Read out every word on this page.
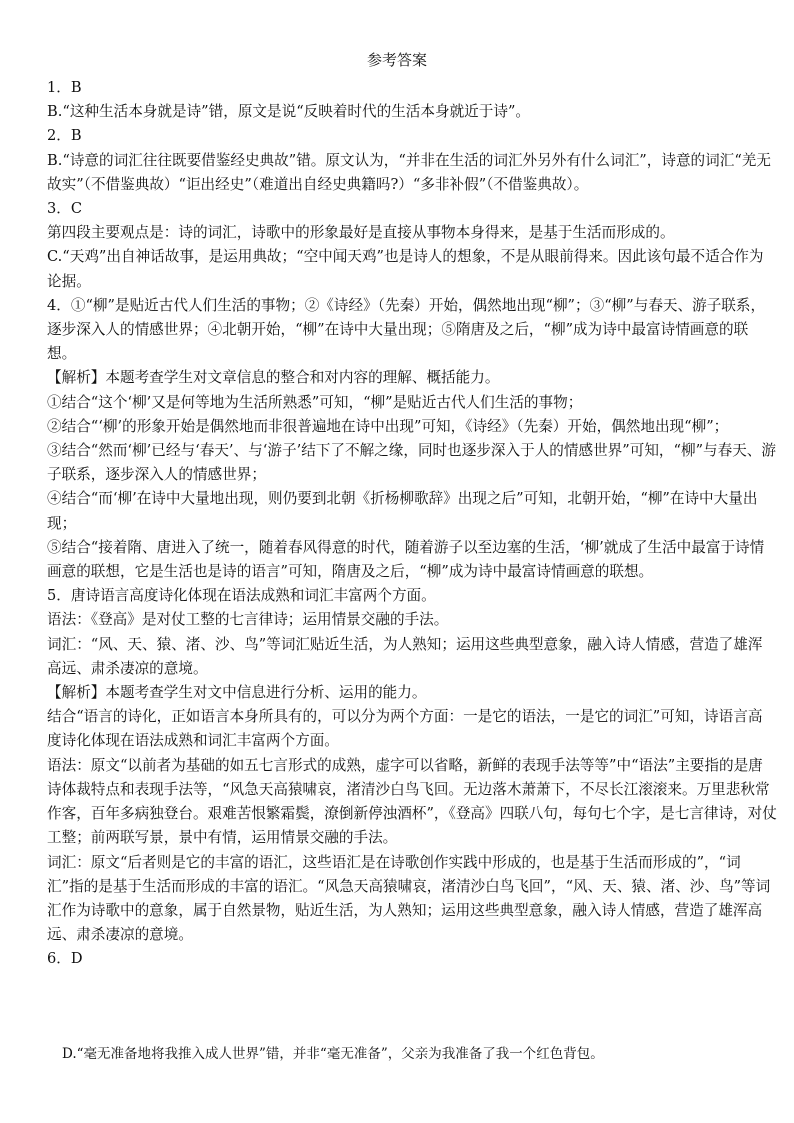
参考答案

1．B

B.“这种生活本身就是诗”错，原文是说“反映着时代的生活本身就近于诗”。

2．B

B.“诗意的词汇往往既要借鉴经史典故”错。原文认为，“并非在生活的词汇外另外有什么词汇”，诗意的词汇“羌无故实”（不借鉴典故）“讵出经史”（难道出自经史典籍吗?）“多非补假”（不借鉴典故）。

3．C

第四段主要观点是：诗的词汇，诗歌中的形象最好是直接从事物本身得来，是基于生活而形成的。

C.“天鸡”出自神话故事，是运用典故；“空中闻天鸡”也是诗人的想象，不是从眼前得来。因此该句最不适合作为论据。

4．①“柳”是贴近古代人们生活的事物；②《诗经》（先秦）开始，偶然地出现“柳”；③“柳”与春天、游子联系，逐步深入人的情感世界；④北朝开始，“柳”在诗中大量出现；⑤隋唐及之后，“柳”成为诗中最富诗情画意的联想。

【解析】本题考查学生对文章信息的整合和对内容的理解、概括能力。

①结合“这个‘柳’又是何等地为生活所熟悉”可知，“柳”是贴近古代人们生活的事物；

②结合“‘柳’的形象开始是偶然地而非很普遍地在诗中出现”可知，《诗经》（先秦）开始，偶然地出现“柳”；

③结合“然而‘柳’已经与‘春天’、与‘游子’结下了不解之缘，同时也逐步深入于人的情感世界”可知，“柳”与春天、游子联系，逐步深入人的情感世界；

④结合“而‘柳’在诗中大量地出现，则仍要到北朝《折杨柳歌辞》出现之后”可知，北朝开始，“柳”在诗中大量出现；

⑤结合“接着隋、唐进入了统一，随着春风得意的时代，随着游子以至边塞的生活，‘柳’就成了生活中最富于诗情画意的联想，它是生活也是诗的语言”可知，隋唐及之后，“柳”成为诗中最富诗情画意的联想。

5．唐诗语言高度诗化体现在语法成熟和词汇丰富两个方面。

语法：《登高》是对仗工整的七言律诗；运用情景交融的手法。

词汇：“风、天、猿、渚、沙、鸟”等词汇贴近生活，为人熟知；运用这些典型意象，融入诗人情感，营造了雄浑高远、肃杀凄凉的意境。

【解析】本题考查学生对文中信息进行分析、运用的能力。

结合“语言的诗化，正如语言本身所具有的，可以分为两个方面：一是它的语法，一是它的词汇”可知，诗语言高度诗化体现在语法成熟和词汇丰富两个方面。

语法：原文“以前者为基础的如五七言形式的成熟，虚字可以省略，新鲜的表现手法等等”中“语法”主要指的是唐诗体裁特点和表现手法等，“风急天高猿啸哀，渚清沙白鸟飞回。无边落木萧萧下，不尽长江滚滚来。万里悲秋常作客，百年多病独登台。艰难苦恨繁霜鬓，潦倒新停浊酒杯”，《登高》四联八句，每句七个字，是七言律诗，对仗工整；前两联写景，景中有情，运用情景交融的手法。

词汇：原文“后者则是它的丰富的语汇，这些语汇是在诗歌创作实践中形成的，也是基于生活而形成的”，“词汇”指的是基于生活而形成的丰富的语汇。“风急天高猿啸哀，渚清沙白鸟飞回”，“风、天、猿、渚、沙、鸟”等词汇作为诗歌中的意象，属于自然景物，贴近生活，为人熟知；运用这些典型意象，融入诗人情感，营造了雄浑高远、肃杀凄凉的意境。

6．D

D.“毫无准备地将我推入成人世界”错，并非“毫无准备”，父亲为我准备了我一个红色背包。
